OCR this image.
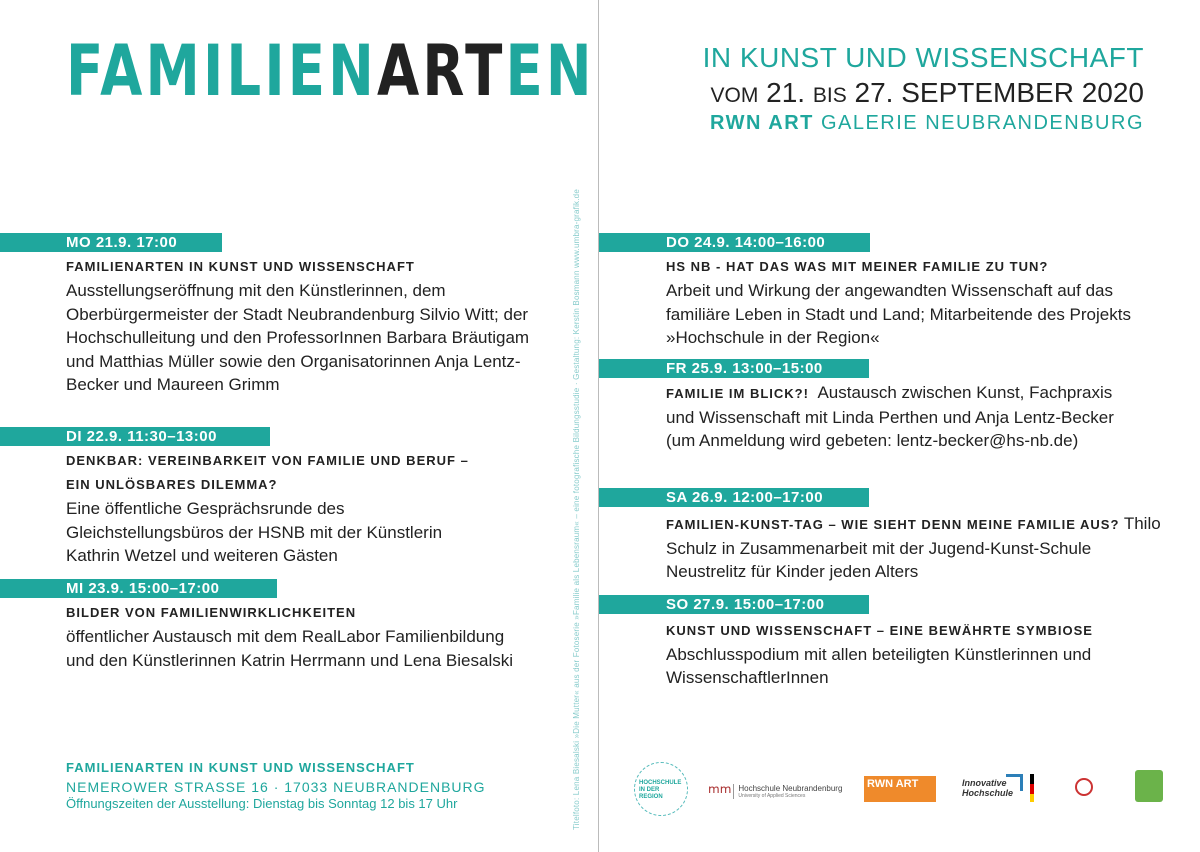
FAMILIENARTEN	IN KUNST UND WISSENSCHAFT
VOM 21. BIS 27. SEPTEMBER 2020
RWN ART GALERIE NEUBRANDENBURG
Titelfoto: Lena Biesalski »Die Mutter« aus der Fotoserie »Familie als Lebensraum« – eine fotografische Bildungsstudie · Gestaltung: Kerstin Bosmann www.umbra-grafik.de
MO 21.9. 17:00
FAMILIENARTEN IN KUNST UND WISSENSCHAFT
Ausstellungseröffnung mit den Künstlerinnen, dem Oberbürgermeister der Stadt Neubrandenburg Silvio Witt; der Hochschulleitung und den ProfessorInnen Barbara Bräutigam und Matthias Müller sowie den Organisatorinnen Anja Lentz-Becker und Maureen Grimm
DI 22.9. 11:30–13:00
DENKBAR: VEREINBARKEIT VON FAMILIE UND BERUF – EIN UNLÖSBARES DILEMMA?
Eine öffentliche Gesprächsrunde des Gleichstellungsbüros der HSNB mit der Künstlerin Kathrin Wetzel und weiteren Gästen
MI 23.9. 15:00–17:00
BILDER VON FAMILIENWIRKLICHKEITEN
öffentlicher Austausch mit dem RealLabor Familienbildung und den Künstlerinnen Katrin Herrmann und Lena Biesalski
DO 24.9. 14:00–16:00
HS NB - HAT DAS WAS MIT MEINER FAMILIE ZU TUN?
Arbeit und Wirkung der angewandten Wissenschaft auf das familiäre Leben in Stadt und Land; Mitarbeitende des Projekts »Hochschule in der Region«
FR 25.9. 13:00–15:00
FAMILIE IM BLICK?! Austausch zwischen Kunst, Fachpraxis und Wissenschaft mit Linda Perthen und Anja Lentz-Becker (um Anmeldung wird gebeten: lentz-becker@hs-nb.de)
SA 26.9. 12:00–17:00
FAMILIEN-KUNST-TAG – WIE SIEHT DENN MEINE FAMILIE AUS? Thilo Schulz in Zusammenarbeit mit der Jugend-Kunst-Schule Neustrelitz für Kinder jeden Alters
SO 27.9. 15:00–17:00
KUNST UND WISSENSCHAFT – EINE BEWÄHRTE SYMBIOSE  Abschlusspodium mit allen beteiligten Künstlerinnen und WissenschaftlerInnen
FAMILIENARTEN IN KUNST UND WISSENSCHAFT
NEMEROWER STRASSE 16 · 17033 NEUBRANDENBURG
Öffnungszeiten der Ausstellung: Dienstag bis Sonntag 12 bis 17 Uhr
HOCHSCHULE IN DER REGION
ⅿⅿ Hochschule Neubrandenburg
University of Applied Sciences
RWN ART	Innovative Hochschule
